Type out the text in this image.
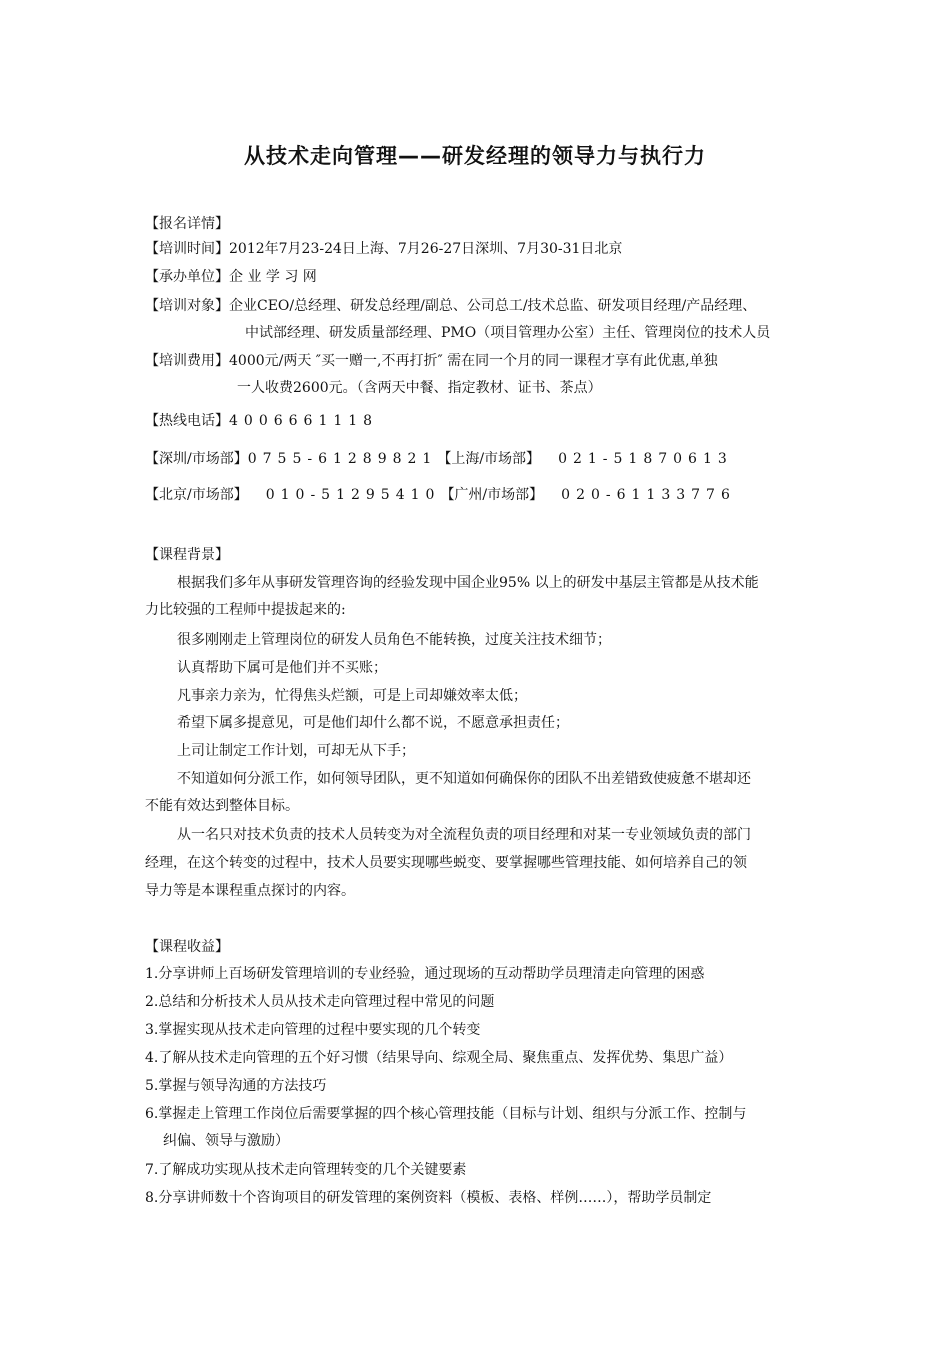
从技术走向管理——研发经理的领导力与执行力
【报名详情】
【培训时间】2012年7月23-24日上海、7月26-27日深圳、7月30-31日北京
【承办单位】企 业 学 习 网
【培训对象】企业CEO/总经理、研发总经理/副总、公司总工/技术总监、研发项目经理/产品经理、
中试部经理、研发质量部经理、PMO（项目管理办公室）主任、管理岗位的技术人员
【培训费用】4000元/两天 ″买一赠一,不再打折″ 需在同一个月的同一课程才享有此优惠,单独
一人收费2600元。（含两天中餐、指定教材、证书、茶点）
【热线电话】4006661118
【深圳/市场部】0755-61289821【上海/市场部】 021-51870613
【北京/市场部】 010-51295410【广州/市场部】 020-61133776
【课程背景】
根据我们多年从事研发管理咨询的经验发现中国企业95% 以上的研发中基层主管都是从技术能
力比较强的工程师中提拔起来的:
很多刚刚走上管理岗位的研发人员角色不能转换，过度关注技术细节；
认真帮助下属可是他们并不买账；
凡事亲力亲为，忙得焦头烂额，可是上司却嫌效率太低；
希望下属多提意见，可是他们却什么都不说，不愿意承担责任；
上司让制定工作计划，可却无从下手；
不知道如何分派工作，如何领导团队，更不知道如何确保你的团队不出差错致使疲惫不堪却还
不能有效达到整体目标。
从一名只对技术负责的技术人员转变为对全流程负责的项目经理和对某一专业领域负责的部门
经理，在这个转变的过程中，技术人员要实现哪些蜕变、要掌握哪些管理技能、如何培养自己的领
导力等是本课程重点探讨的内容。
【课程收益】
1.分享讲师上百场研发管理培训的专业经验，通过现场的互动帮助学员理清走向管理的困惑
2.总结和分析技术人员从技术走向管理过程中常见的问题
3.掌握实现从技术走向管理的过程中要实现的几个转变
4.了解从技术走向管理的五个好习惯（结果导向、综观全局、聚焦重点、发挥优势、集思广益）
5.掌握与领导沟通的方法技巧
6.掌握走上管理工作岗位后需要掌握的四个核心管理技能（目标与计划、组织与分派工作、控制与
纠偏、领导与激励）
7.了解成功实现从技术走向管理转变的几个关键要素
8.分享讲师数十个咨询项目的研发管理的案例资料（模板、表格、样例……），帮助学员制定
